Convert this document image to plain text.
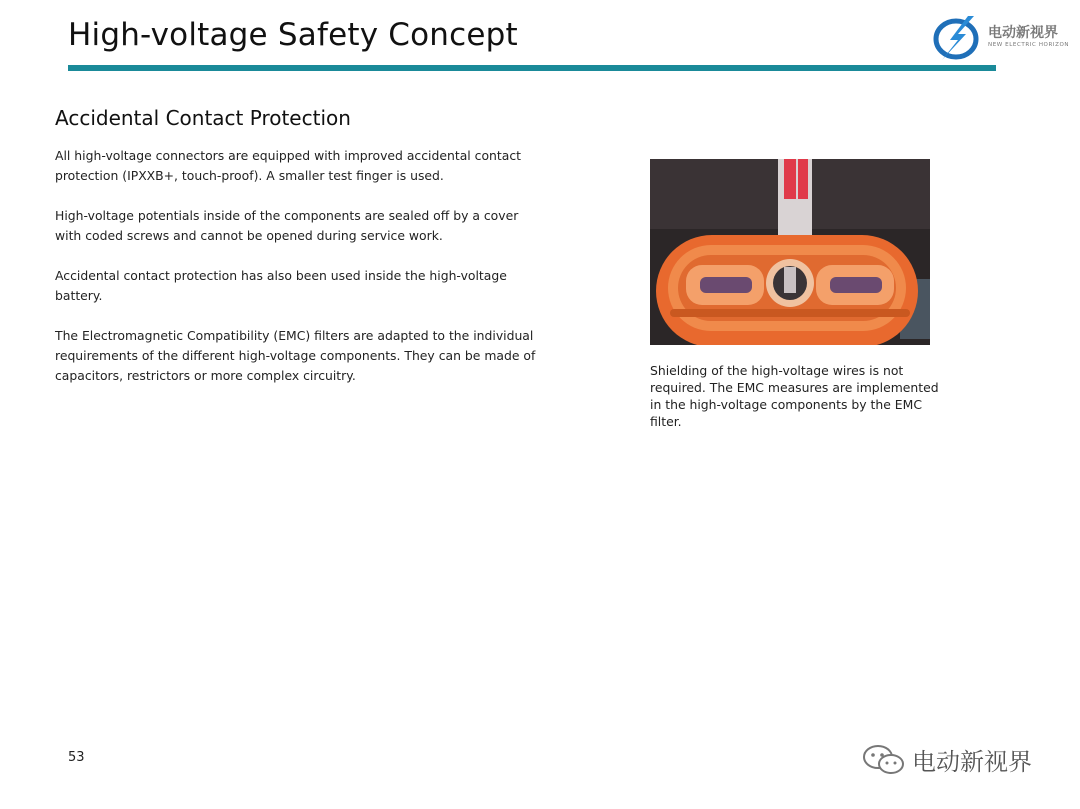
High-voltage Safety Concept	电动新视界
NEW ELECTRIC HORIZON
Accidental Contact Protection

All high-voltage connectors are equipped with improved accidental contact
protection (IPXXB+, touch-proof). A smaller test finger is used.

High-voltage potentials inside of the components are sealed off by a cover
with coded screws and cannot be opened during service work.

Accidental contact protection has also been used inside the high-voltage
battery.

The Electromagnetic Compatibility (EMC) filters are adapted to the individual
requirements of the different high-voltage components. They can be made of
capacitors, restrictors or more complex circuitry.	Shielding of the high-voltage wires is not
required. The EMC measures are implemented
in the high-voltage components by the EMC
filter.

53	电动新视界
